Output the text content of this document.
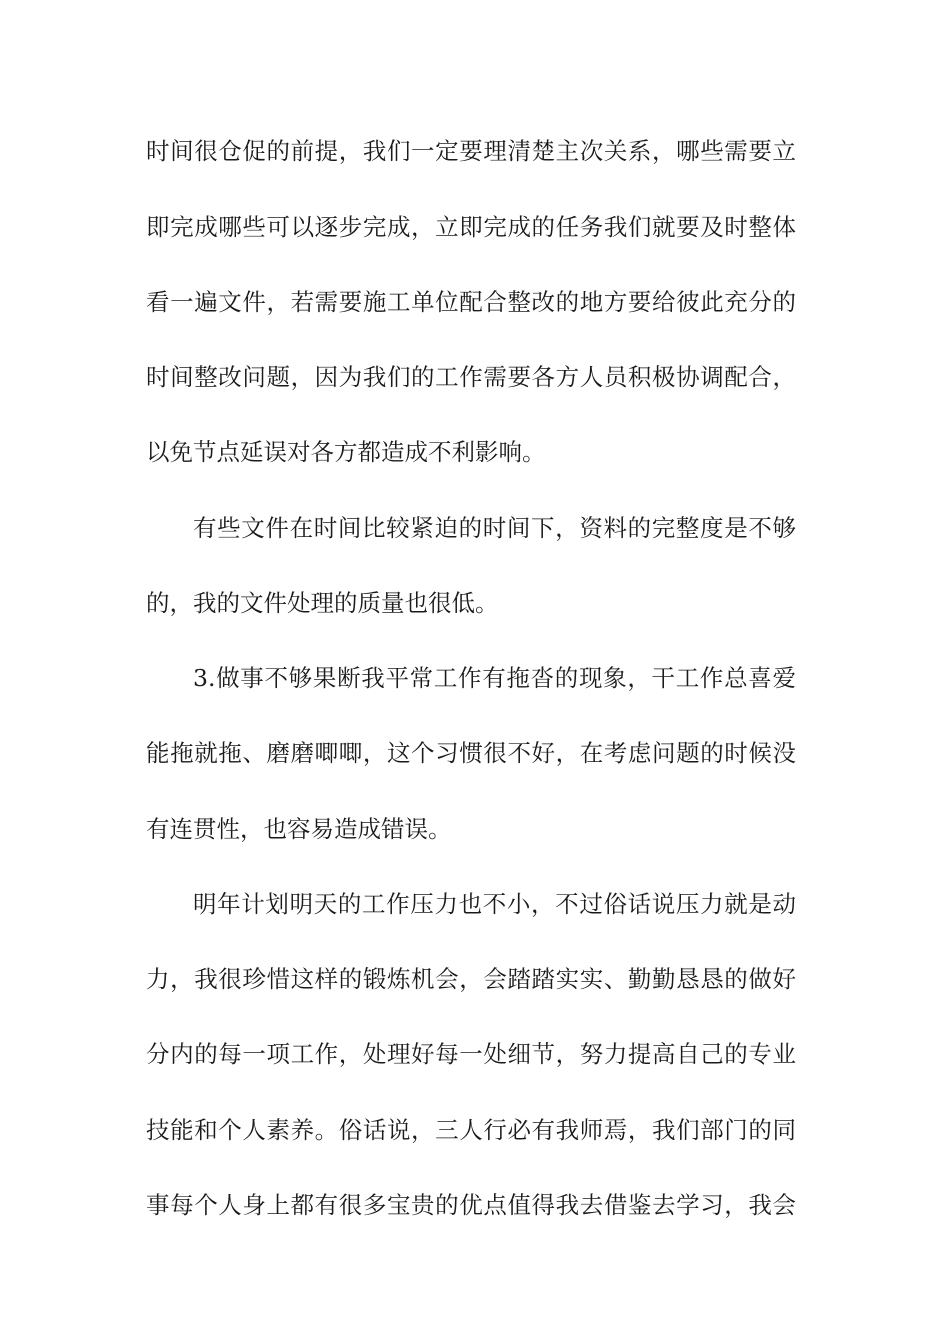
时间很仓促的前提，我们一定要理清楚主次关系，哪些需要立
即完成哪些可以逐步完成，立即完成的任务我们就要及时整体
看一遍文件，若需要施工单位配合整改的地方要给彼此充分的
时间整改问题，因为我们的工作需要各方人员积极协调配合，
以免节点延误对各方都造成不利影响。
有些文件在时间比较紧迫的时间下，资料的完整度是不够
的，我的文件处理的质量也很低。
3.做事不够果断我平常工作有拖沓的现象，干工作总喜爱
能拖就拖、磨磨唧唧，这个习惯很不好，在考虑问题的时候没
有连贯性，也容易造成错误。
明年计划明天的工作压力也不小，不过俗话说压力就是动
力，我很珍惜这样的锻炼机会，会踏踏实实、勤勤恳恳的做好
分内的每一项工作，处理好每一处细节，努力提高自己的专业
技能和个人素养。俗话说，三人行必有我师焉，我们部门的同
事每个人身上都有很多宝贵的优点值得我去借鉴去学习，我会
